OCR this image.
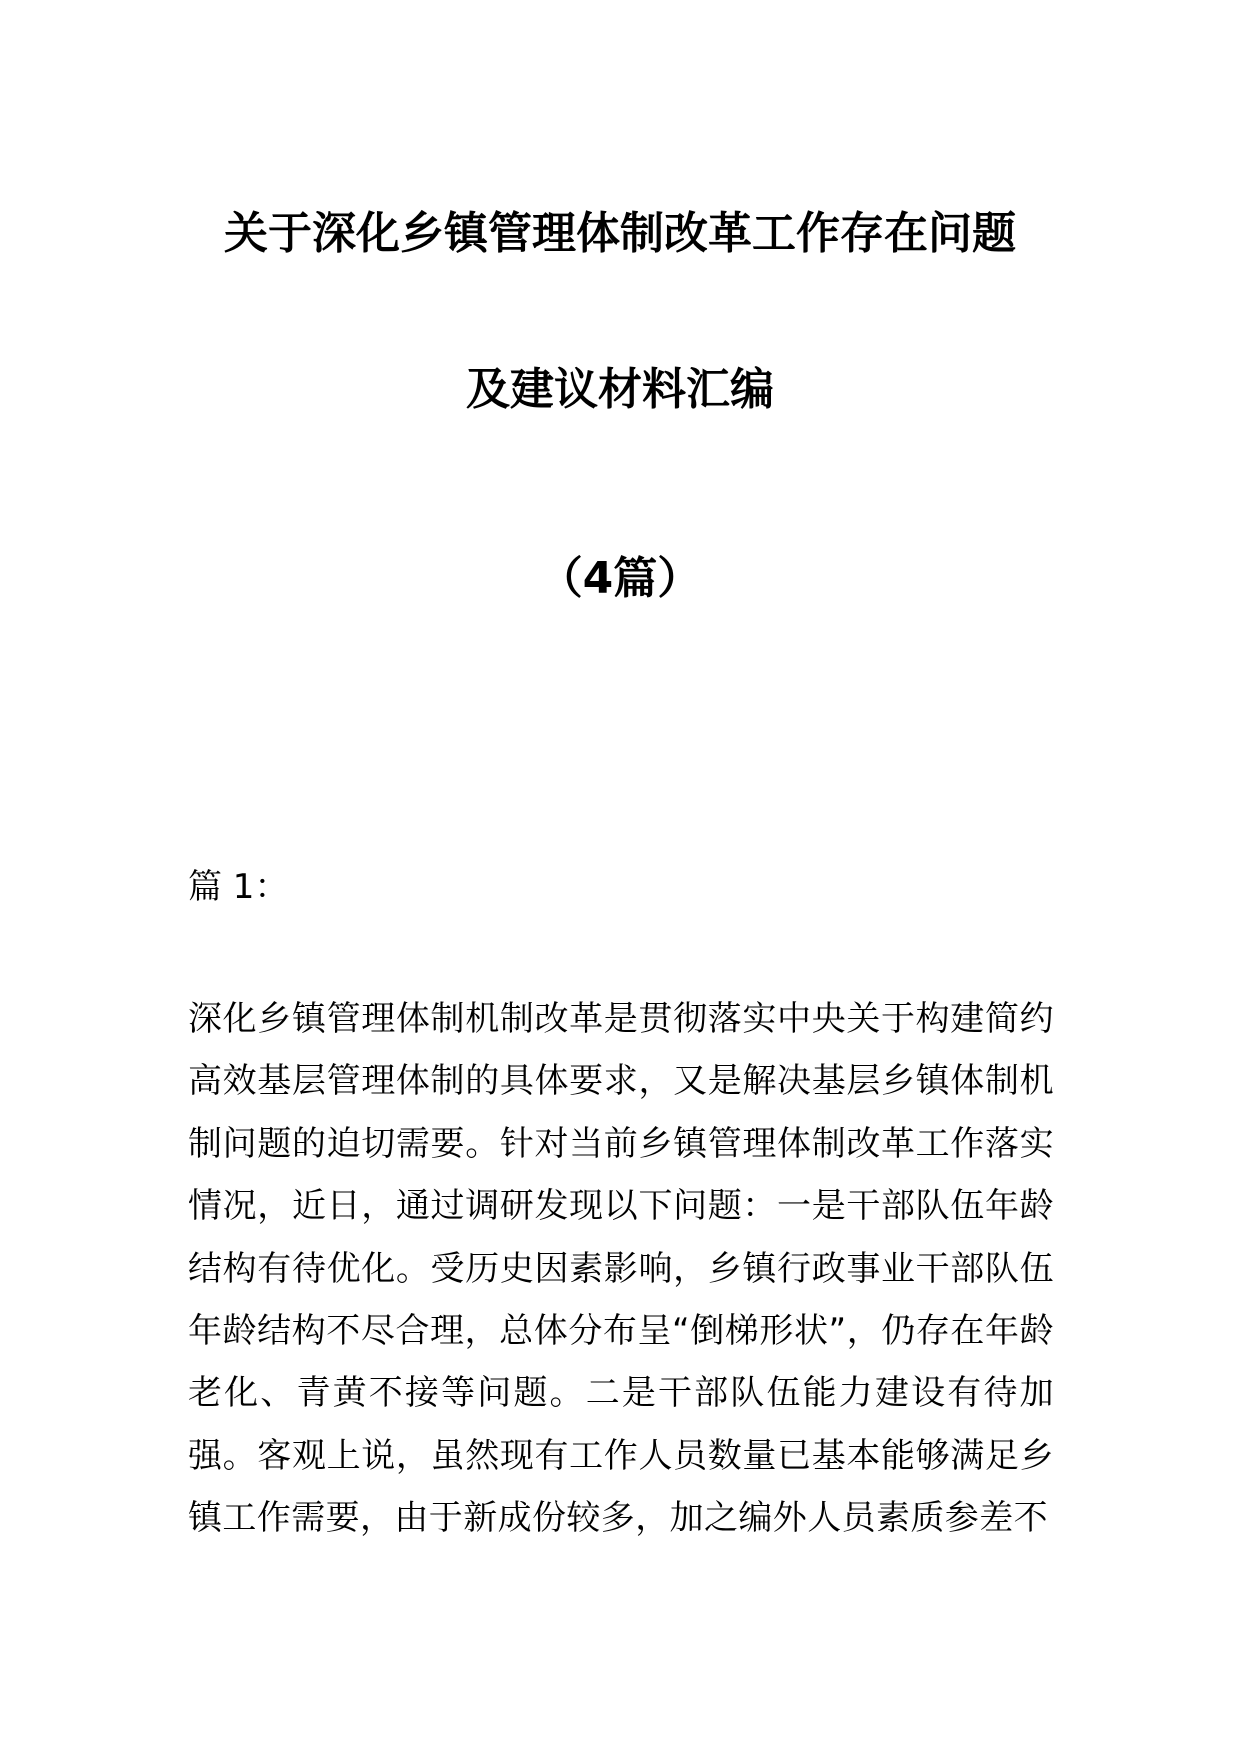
关于深化乡镇管理体制改革工作存在问题
及建议材料汇编
（4篇）
篇 1：

深化乡镇管理体制机制改革是贯彻落实中央关于构建简约高效基层管理体制的具体要求，又是解决基层乡镇体制机制问题的迫切需要。针对当前乡镇管理体制改革工作落实情况，近日，通过调研发现以下问题：一是干部队伍年龄结构有待优化。受历史因素影响，乡镇行政事业干部队伍年龄结构不尽合理，总体分布呈“倒梯形状”，仍存在年龄老化、青黄不接等问题。二是干部队伍能力建设有待加强。客观上说，虽然现有工作人员数量已基本能够满足乡镇工作需要，由于新成份较多，加之编外人员素质参差不
